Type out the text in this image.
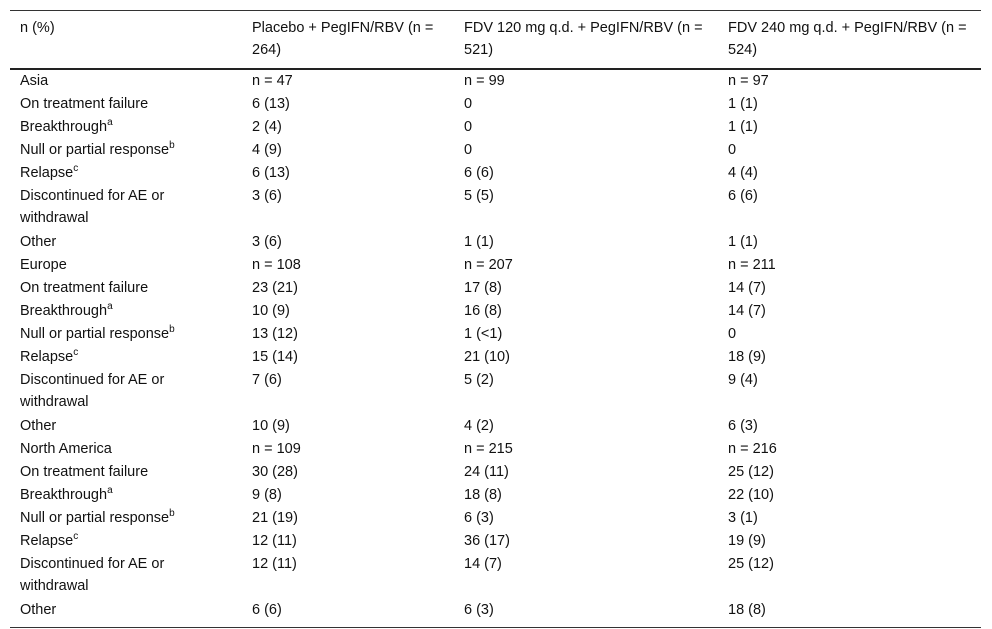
n (%)	Placebo + PegIFN/RBV (n = 264)	FDV 120 mg q.d. + PegIFN/RBV (n = 521)	FDV 240 mg q.d. + PegIFN/RBV (n = 524)
Asia	n = 47	n = 99	n = 97
On treatment failure	6 (13)	0	1 (1)
Breakthrough$^a$	2 (4)	0	1 (1)
Null or partial response$^b$	4 (9)	0	0
Relapse$^c$	6 (13)	6 (6)	4 (4)
Discontinued for AE or withdrawal	3 (6)	5 (5)	6 (6)
Other	3 (6)	1 (1)	1 (1)
Europe	n = 108	n = 207	n = 211
On treatment failure	23 (21)	17 (8)	14 (7)
Breakthrough$^a$	10 (9)	16 (8)	14 (7)
Null or partial response$^b$	13 (12)	1 (<1)	0
Relapse$^c$	15 (14)	21 (10)	18 (9)
Discontinued for AE or withdrawal	7 (6)	5 (2)	9 (4)
Other	10 (9)	4 (2)	6 (3)
North America	n = 109	n = 215	n = 216
On treatment failure	30 (28)	24 (11)	25 (12)
Breakthrough$^a$	9 (8)	18 (8)	22 (10)
Null or partial response$^b$	21 (19)	6 (3)	3 (1)
Relapse$^c$	12 (11)	36 (17)	19 (9)
Discontinued for AE or withdrawal	12 (11)	14 (7)	25 (12)
Other	6 (6)	6 (3)	18 (8)
